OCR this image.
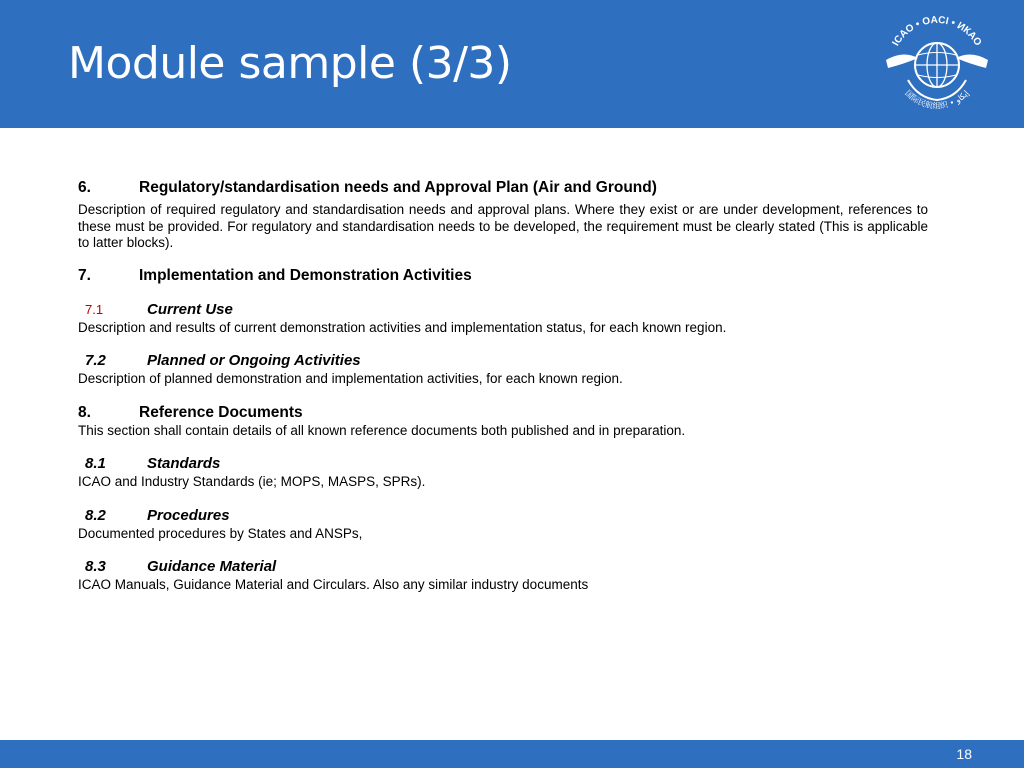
Module sample (3/3)	ICAO • OACI • ИКАО
国际民航组织 • إيكاو
6.	Regulatory/standardisation needs and Approval Plan (Air and Ground)
Description of required regulatory and standardisation needs and approval plans. Where they exist or are under development, references to these must be provided. For regulatory and standardisation needs to be developed, the requirement must be clearly stated (This is applicable to latter blocks).
7.	Implementation and Demonstration Activities
7.1	Current Use
Description and results of current demonstration activities and implementation status, for each known region.
7.2	Planned or Ongoing Activities
Description of planned demonstration and implementation activities, for each known region.
8.	Reference Documents
This section shall contain details of all known reference documents both published and in preparation.
8.1	Standards
ICAO and Industry Standards (ie; MOPS, MASPS, SPRs).
8.2	Procedures
Documented procedures by States and ANSPs,
8.3	Guidance Material
ICAO Manuals, Guidance Material and Circulars. Also any similar industry documents
18
